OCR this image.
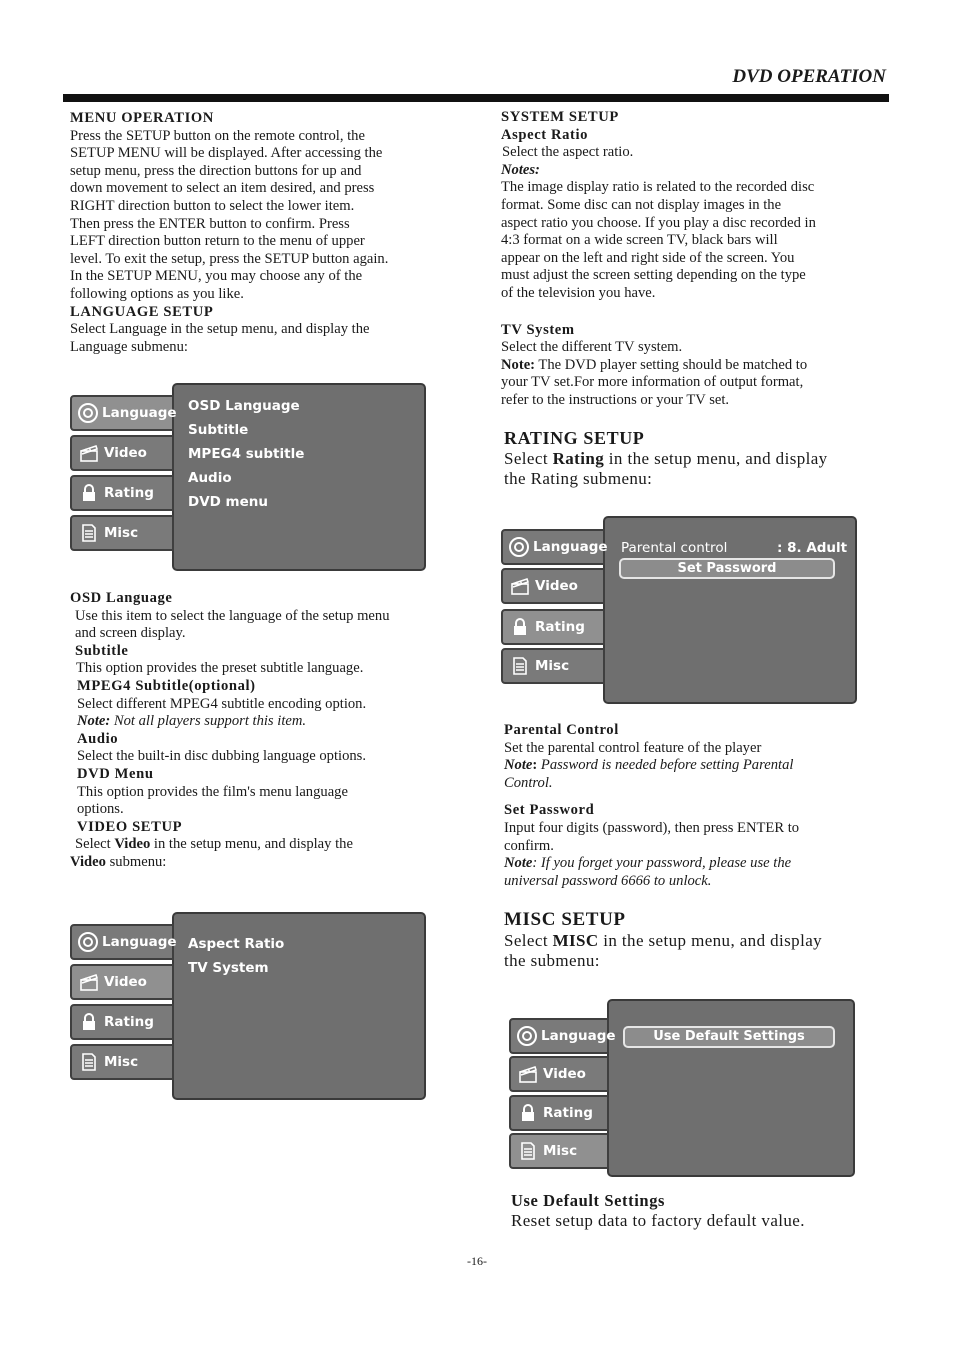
DVD OPERATION

MENU OPERATION

Press the SETUP button on the remote control, the

SETUP MENU will be displayed. After accessing the

setup menu, press the direction buttons for up and

down movement to select an item desired, and press

RIGHT direction button to select the lower item.

Then press the ENTER button to confirm. Press

LEFT direction button return to the menu of upper

level. To exit the setup, press the SETUP button again.

In the SETUP MENU, you may choose any of the

following options as you like.

LANGUAGE SETUP

Select Language in the setup menu, and display the

Language submenu:

Language
Video
Rating
Misc
OSD Language
Subtitle
MPEG4 subtitle
Audio
DVD menu

OSD Language

Use this item to select the language of the setup menu

and screen display.

Subtitle

This option provides the preset subtitle language.

MPEG4 Subtitle(optional)

Select different MPEG4 subtitle encoding option.

Note: Not all players support this item.

Audio

Select the built-in disc dubbing language options.

DVD Menu

This option provides the film's menu language

options.

VIDEO SETUP

Select Video in the setup menu, and display the

Video submenu:

Language
Video
Rating
Misc
Aspect Ratio
TV System

SYSTEM SETUP

Aspect Ratio

Select the aspect ratio.

Notes:

The image display ratio is related to the recorded disc

format. Some disc can not display images in the

aspect ratio you choose. If you play a disc recorded in

4:3 format on a wide screen TV, black bars will

appear on the left and right side of the screen. You

must adjust the screen setting depending on the type

of the television you have.

TV System

Select the different TV system.

Note: The DVD player setting should be matched to

your TV set.For more information of output format,

refer to the instructions or your TV set.

RATING SETUP
Select Rating in the setup menu, and display
the Rating submenu:
Language
Video
Rating
Misc
Parental control	: 8. Adult
Set Password

Parental Control

Set the parental control feature of the player

Note: Password is needed before setting Parental

Control.

Set Password

Input four digits (password), then press ENTER to

confirm.

Note: If you forget your password, please use the

universal password 6666 to unlock.

MISC SETUP
Select MISC in the setup menu, and display
the submenu:
Language
Video
Rating
Misc
Use Default Settings
Use Default Settings
Reset setup data to factory default value.
-16-
